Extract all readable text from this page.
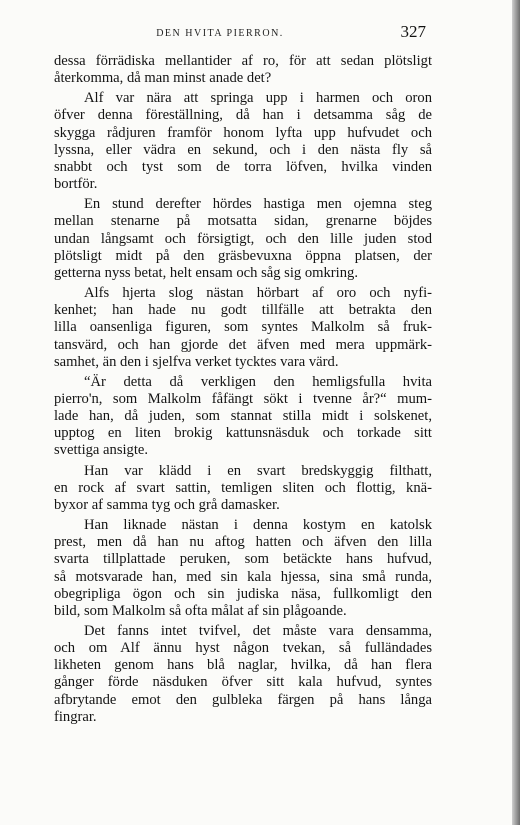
DEN HVITA PIERRON.	327

dessa förrädiska mellantider af ro, för att sedan plötsligt
återkomma, då man minst anade det?

Alf var nära att springa upp i harmen och oron
öfver denna föreställning, då han i detsamma såg de
skygga rådjuren framför honom lyfta upp hufvudet och
lyssna, eller vädra en sekund, och i den nästa fly så
snabbt och tyst som de torra löfven, hvilka vinden
bortför.

En stund derefter hördes hastiga men ojemna steg
mellan stenarne på motsatta sidan, grenarne böjdes
undan långsamt och försigtigt, och den lille juden stod
plötsligt midt på den gräsbevuxna öppna platsen, der
getterna nyss betat, helt ensam och såg sig omkring.

Alfs hjerta slog nästan hörbart af oro och nyfi-
kenhet; han hade nu godt tillfälle att betrakta den
lilla oansenliga figuren, som syntes Malkolm så fruk-
tansvärd, och han gjorde det äfven med mera uppmärk-
samhet, än den i sjelfva verket tycktes vara värd.

“Är detta då verkligen den hemligsfulla hvita
pierro'n, som Malkolm fåfängt sökt i tvenne år?“ mum-
lade han, då juden, som stannat stilla midt i solskenet,
upptog en liten brokig kattunsnäsduk och torkade sitt
svettiga ansigte.

Han var klädd i en svart bredskyggig filthatt,
en rock af svart sattin, temligen sliten och flottig, knä-
byxor af samma tyg och grå damasker.

Han liknade nästan i denna kostym en katolsk
prest, men då han nu aftog hatten och äfven den lilla
svarta tillplattade peruken, som betäckte hans hufvud,
så motsvarade han, med sin kala hjessa, sina små runda,
obegripliga ögon och sin judiska näsa, fullkomligt den
bild, som Malkolm så ofta målat af sin plågoande.

Det fanns intet tvifvel, det måste vara densamma,
och om Alf ännu hyst någon tvekan, så fulländades
likheten genom hans blå naglar, hvilka, då han flera
gånger förde näsduken öfver sitt kala hufvud, syntes
afbrytande emot den gulbleka färgen på hans långa
fingrar.
